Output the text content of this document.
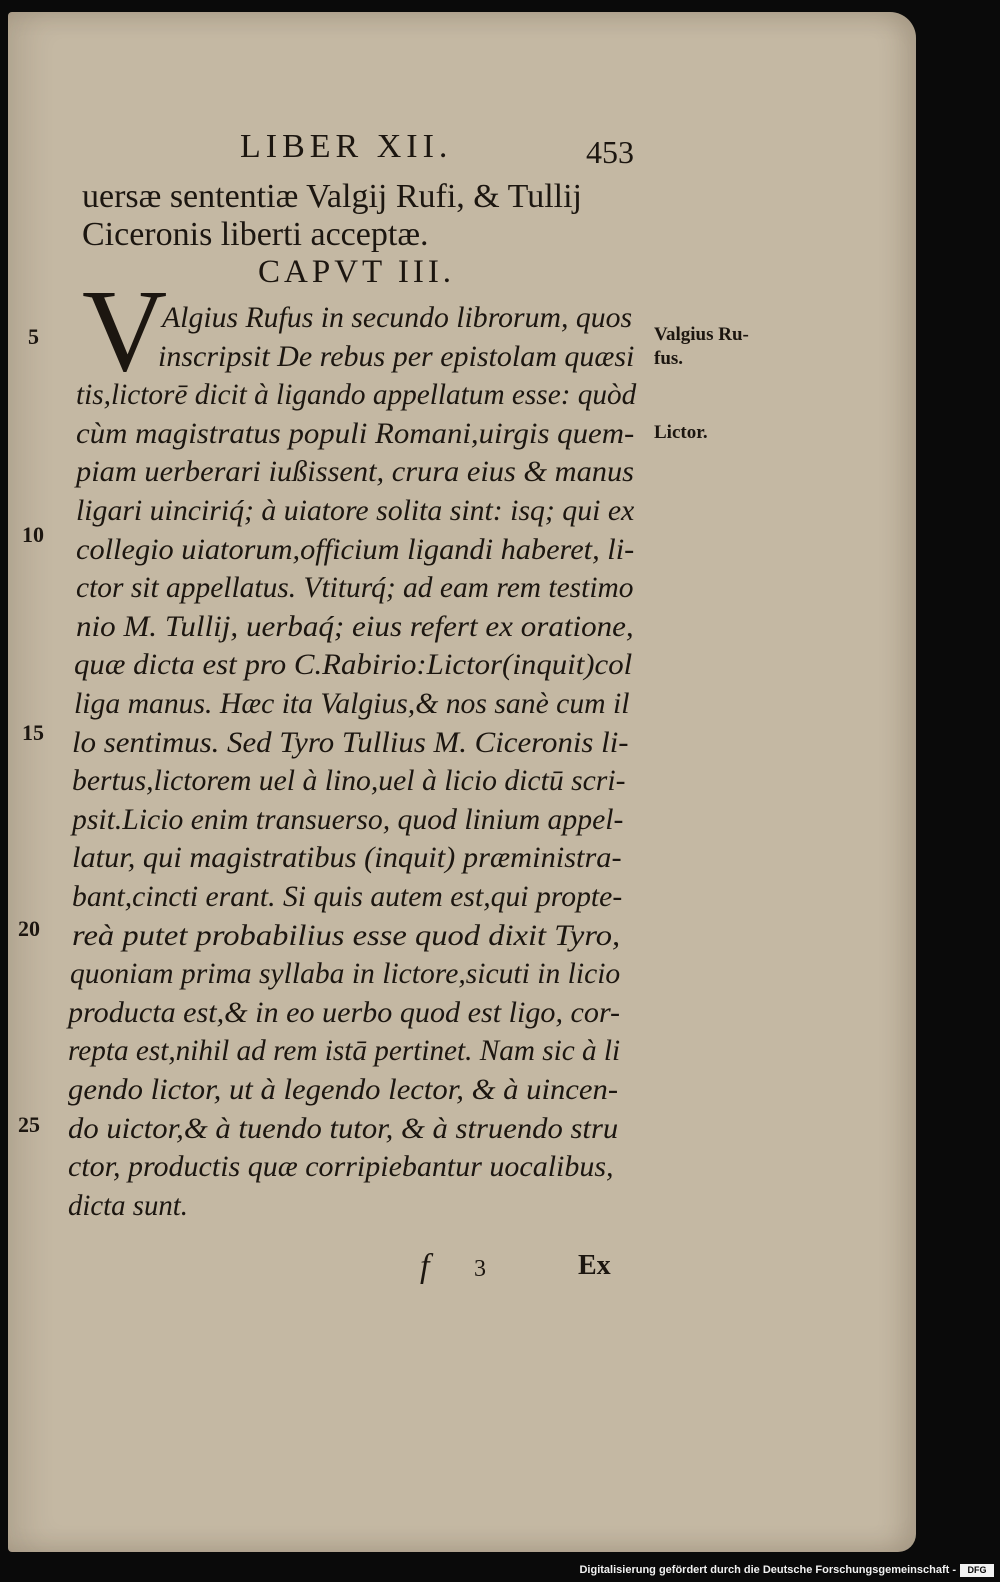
LIBER XII.	453
uersæ sententiæ Valgij Rufi, & Tullij
Ciceronis liberti acceptæ.
CAPVT III.
V
Algius Rufus in secundo librorum, quos
inscripsit De rebus per epistolam quæsi
tis,lictorē dicit à ligando appellatum esse: quòd
cùm magistratus populi Romani,uirgis quem-
piam uerberari iußissent, crura eius & manus
ligari uinciriq́; à uiatore solita sint: isq; qui ex
collegio uiatorum,officium ligandi haberet, li-
ctor sit appellatus. Vtiturq́; ad eam rem testimo
nio M. Tullij, uerbaq́; eius refert ex oratione,
quæ dicta est pro C.Rabirio:Lictor(inquit)col
liga manus. Hæc ita Valgius,& nos sanè cum il
lo sentimus. Sed Tyro Tullius M. Ciceronis li-
bertus,lictorem uel à lino,uel à licio dictū scri-
psit.Licio enim transuerso, quod linium appel-
latur, qui magistratibus (inquit) præministra-
bant,cincti erant. Si quis autem est,qui propte-
reà putet probabilius esse quod dixit Tyro,
quoniam prima syllaba in lictore,sicuti in licio
producta est,& in eo uerbo quod est ligo, cor-
repta est,nihil ad rem istā pertinet. Nam sic à li
gendo lictor, ut à legendo lector, & à uincen-
do uictor,& à tuendo tutor, & à struendo stru
ctor, productis quæ corripiebantur uocalibus,
dicta sunt.
Valgius Ru-
fus.
Lictor.
5
10
15
20
25
f 3	Ex
Digitalisierung gefördert durch die Deutsche Forschungsgemeinschaft -	DFG
